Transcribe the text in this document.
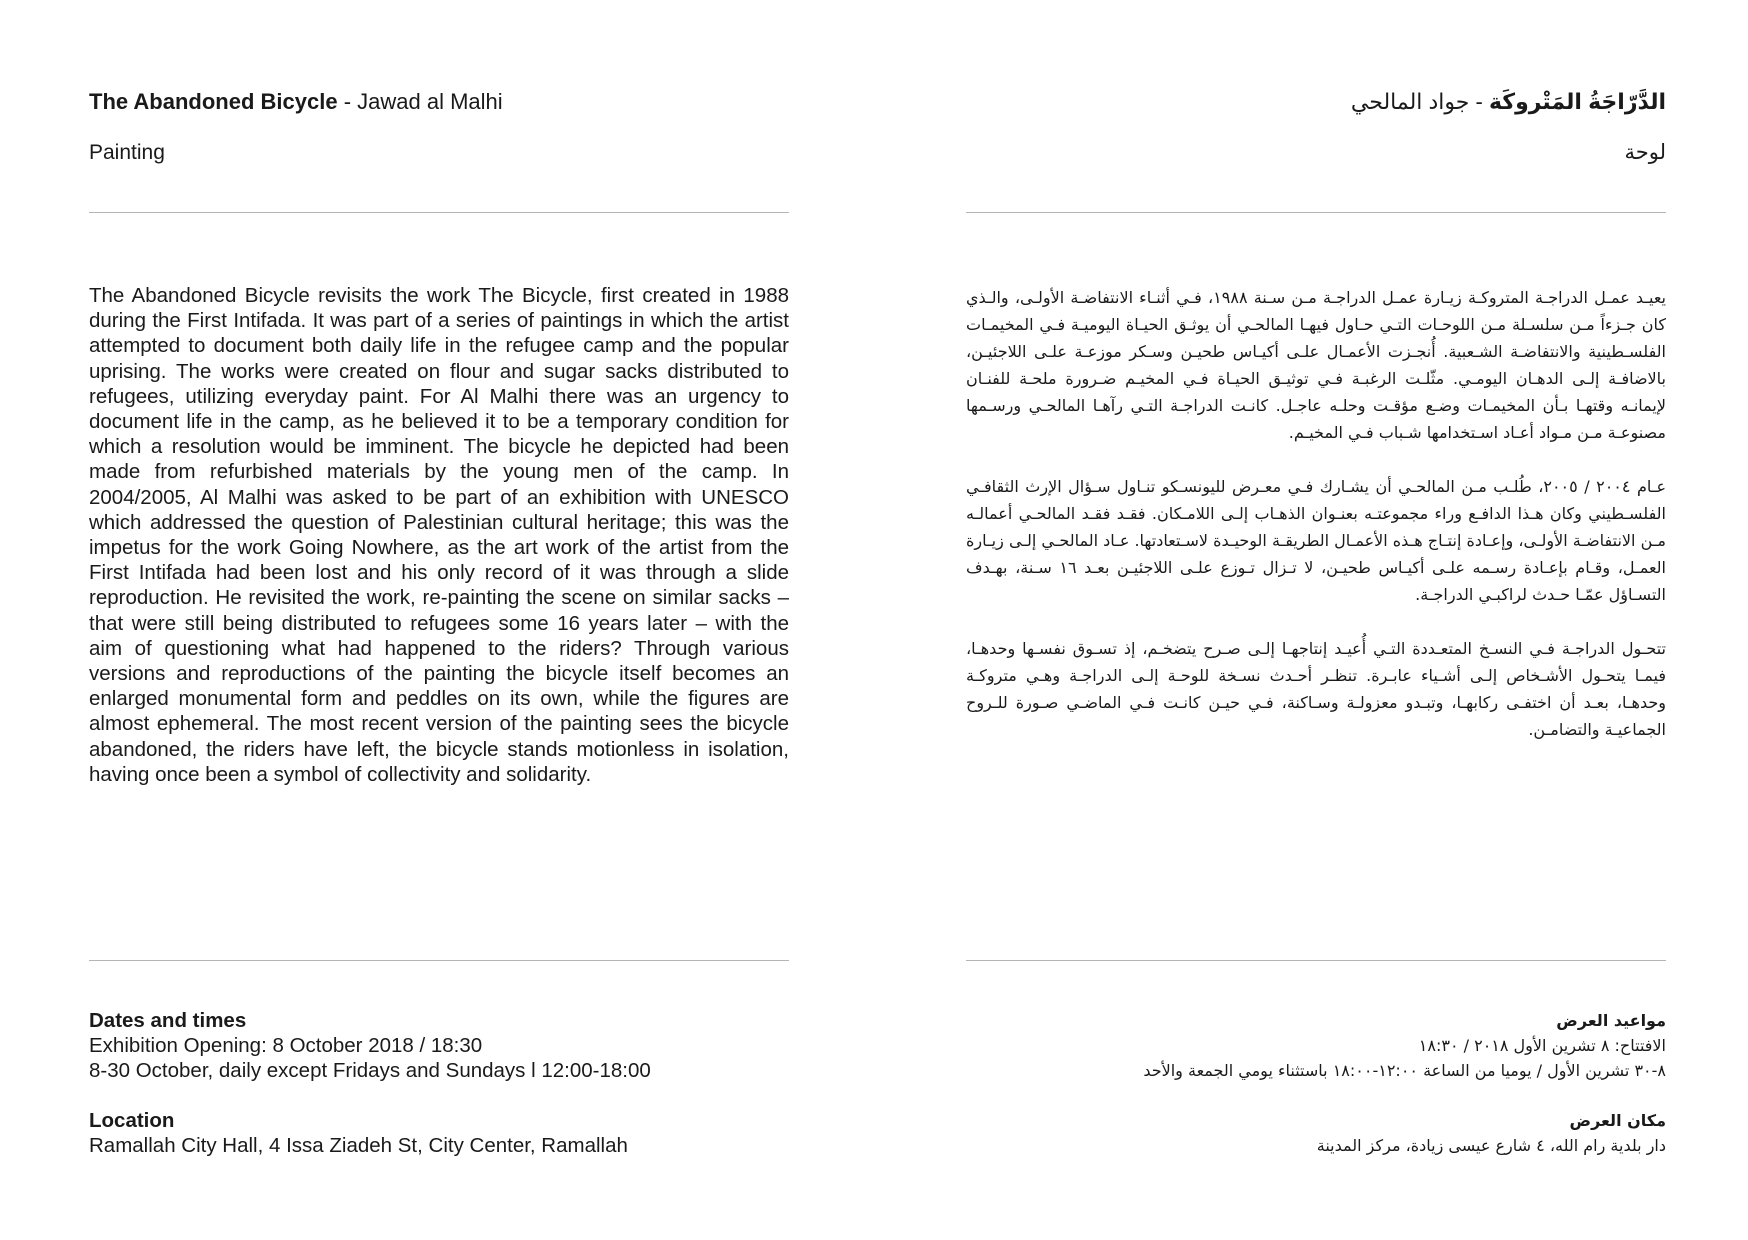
The Abandoned Bicycle - Jawad al Malhi
Painting

The Abandoned Bicycle revisits the work The Bicycle, first created in 1988 during the First Intifada. It was part of a series of paintings in which the artist attempted to document both daily life in the refugee camp and the popular uprising. The works were created on flour and sugar sacks distributed to refugees, utilizing everyday paint. For Al Malhi there was an urgency to document life in the camp, as he believed it to be a temporary condition for which a resolution would be imminent. The bicycle he depicted had been made from refurbished materials by the young men of the camp. In 2004/2005, Al Malhi was asked to be part of an exhibition with UNESCO which addressed the question of Palestinian cultural heritage; this was the impetus for the work Going Nowhere, as the art work of the artist from the First Intifada had been lost and his only record of it was through a slide reproduction. He revisited the work, re-painting the scene on similar sacks – that were still being distributed to refugees some 16 years later – with the aim of questioning what had happened to the riders? Through various versions and reproductions of the painting the bicycle itself becomes an enlarged monumental form and peddles on its own, while the figures are almost ephemeral. The most recent version of the painting sees the bicycle abandoned, the riders have left, the bicycle stands motionless in isolation, having once been a symbol of collectivity and solidarity.

Dates and times
Exhibition Opening: 8 October 2018 / 18:30
8-30 October, daily except Fridays and Sundays l 12:00-18:00
Location
Ramallah City Hall, 4 Issa Ziadeh St, City Center, Ramallah
الدَّرّاجَةُ المَتْروكَة - جواد المالحي
لوحة

يعيـد عمـل الدراجـة المتروكـة زيـارة عمـل الدراجـة مـن سـنة ١٩٨٨، فـي أثنـاء الانتفاضـة الأولـى، والـذي كان جـزءاً مـن سلسـلة مـن اللوحـات التـي حـاول فيهـا المالحـي أن يوثـق الحيـاة اليوميـة فـي المخيمـات الفلسـطينية والانتفاضـة الشـعبية. أُنجـزت الأعمـال علـى أكيـاس طحيـن وسـكر موزعـة علـى اللاجئيـن، بالاضافـة إلـى الدهـان اليومـي. مثّلـت الرغبـة فـي توثيـق الحيـاة فـي المخيـم ضـرورة ملحـة للفنـان لإيمانـه وقتهـا بـأن المخيمـات وضـع مؤقـت وحلـه عاجـل. كانـت الدراجـة التـي رآهـا المالحـي ورسـمها مصنوعـة مـن مـواد أعـاد اسـتخدامها شـباب فـي المخيـم.

عـام ٢٠٠٤ / ٢٠٠٥، طُلـب مـن المالحـي أن يشـارك فـي معـرض لليونسـكو تنـاول سـؤال الإرث الثقافـي الفلسـطيني وكان هـذا الدافـع وراء مجموعتـه بعنـوان الذهـاب إلـى اللامـكان. فقـد فقـد المالحـي أعمالـه مـن الانتفاضـة الأولـى، وإعـادة إنتـاج هـذه الأعمـال الطريقـة الوحيـدة لاسـتعادتها. عـاد المالحـي إلـى زيـارة العمـل، وقـام بإعـادة رسـمه علـى أكيـاس طحيـن، لا تـزال تـوزع علـى اللاجئيـن بعـد ١٦ سـنة، بهـدف التسـاؤل عمّـا حـدث لراكبـي الدراجـة.

تتحـول الدراجـة فـي النسـخ المتعـددة التـي أُعيـد إنتاجهـا إلـى صـرح يتضخـم، إذ تسـوق نفسـها وحدهـا، فيمـا يتحـول الأشـخاص إلـى أشـياء عابـرة. تنظـر أحـدث نسـخة للوحـة إلـى الدراجـة وهـي متروكـة وحدهـا، بعـد أن اختفـى ركابهـا، وتبـدو معزولـة وسـاكنة، فـي حيـن كانـت فـي الماضـي صـورة للـروح الجماعيـة والتضامـن.

مواعيد العرض
الافتتاح: ٨ تشرين الأول ٢٠١٨ / ١٨:٣٠
٨-٣٠ تشرين الأول / يوميا من الساعة ١٢:٠٠-١٨:٠٠ باستثناء يومي الجمعة والأحد
مكان العرض
دار بلدية رام الله، ٤ شارع عيسى زيادة، مركز المدينة
